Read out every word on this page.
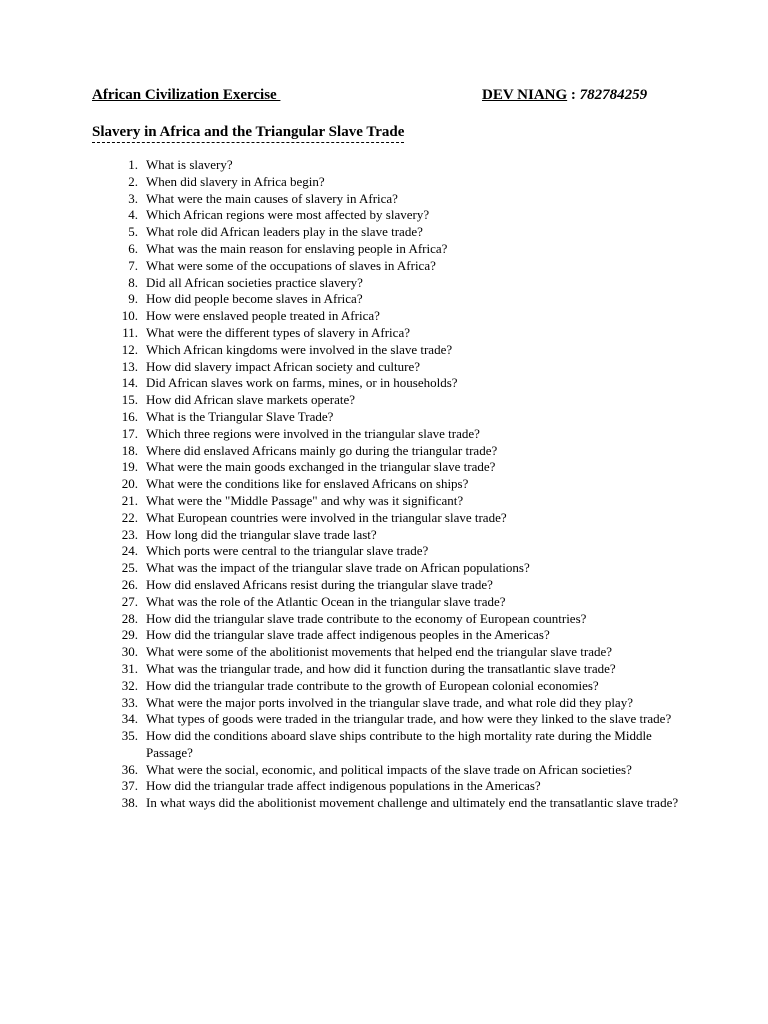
African Civilization Exercise	DEV NIANG : 782784259
Slavery in Africa and the Triangular Slave Trade
1. What is slavery?
2. When did slavery in Africa begin?
3. What were the main causes of slavery in Africa?
4. Which African regions were most affected by slavery?
5. What role did African leaders play in the slave trade?
6. What was the main reason for enslaving people in Africa?
7. What were some of the occupations of slaves in Africa?
8. Did all African societies practice slavery?
9. How did people become slaves in Africa?
10. How were enslaved people treated in Africa?
11. What were the different types of slavery in Africa?
12. Which African kingdoms were involved in the slave trade?
13. How did slavery impact African society and culture?
14. Did African slaves work on farms, mines, or in households?
15. How did African slave markets operate?
16. What is the Triangular Slave Trade?
17. Which three regions were involved in the triangular slave trade?
18. Where did enslaved Africans mainly go during the triangular trade?
19. What were the main goods exchanged in the triangular slave trade?
20. What were the conditions like for enslaved Africans on ships?
21. What were the "Middle Passage" and why was it significant?
22. What European countries were involved in the triangular slave trade?
23. How long did the triangular slave trade last?
24. Which ports were central to the triangular slave trade?
25. What was the impact of the triangular slave trade on African populations?
26. How did enslaved Africans resist during the triangular slave trade?
27. What was the role of the Atlantic Ocean in the triangular slave trade?
28. How did the triangular slave trade contribute to the economy of European countries?
29. How did the triangular slave trade affect indigenous peoples in the Americas?
30. What were some of the abolitionist movements that helped end the triangular slave trade?
31. What was the triangular trade, and how did it function during the transatlantic slave trade?
32. How did the triangular trade contribute to the growth of European colonial economies?
33. What were the major ports involved in the triangular slave trade, and what role did they play?
34. What types of goods were traded in the triangular trade, and how were they linked to the slave trade?
35. How did the conditions aboard slave ships contribute to the high mortality rate during the Middle Passage?
36. What were the social, economic, and political impacts of the slave trade on African societies?
37. How did the triangular trade affect indigenous populations in the Americas?
38. In what ways did the abolitionist movement challenge and ultimately end the transatlantic slave trade?
